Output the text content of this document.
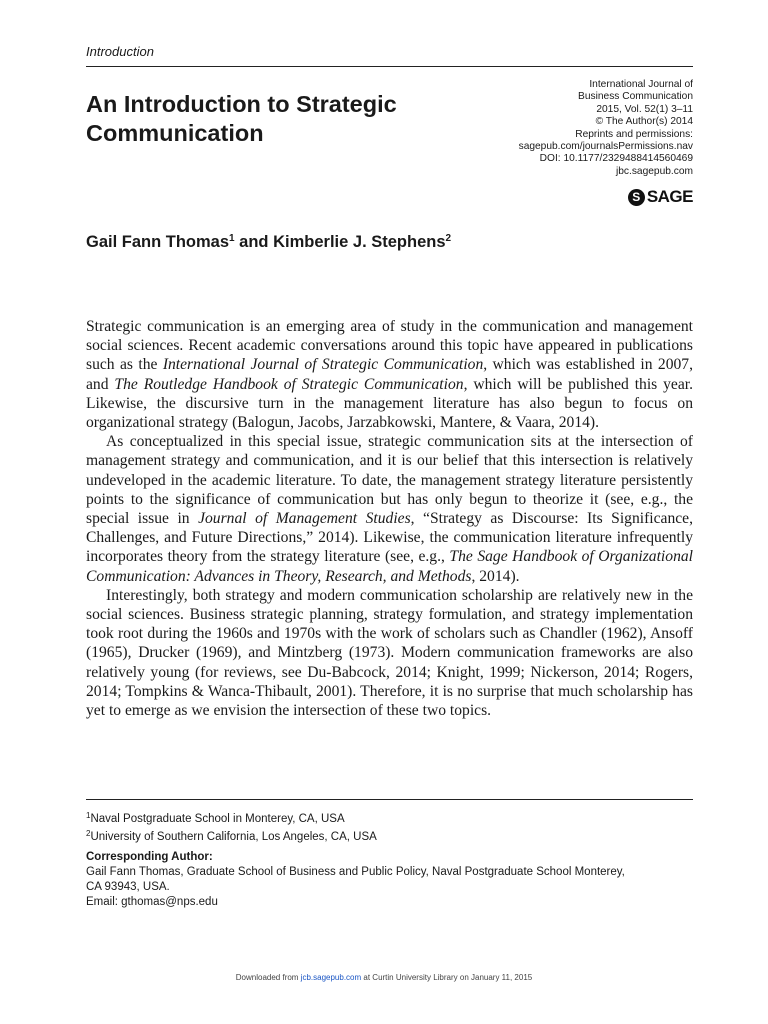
Introduction
International Journal of
Business Communication
2015, Vol. 52(1) 3–11
© The Author(s) 2014
Reprints and permissions:
sagepub.com/journalsPermissions.nav
DOI: 10.1177/2329488414560469
jbc.sagepub.com
S SAGE
An Introduction to Strategic
Communication

Gail Fann Thomas$^1$ and Kimberlie J. Stephens$^2$

Strategic communication is an emerging area of study in the communication and management social sciences. Recent academic conversations around this topic have appeared in publications such as the International Journal of Strategic Communication, which was established in 2007, and The Routledge Handbook of Strategic Communication, which will be published this year. Likewise, the discursive turn in the management literature has also begun to focus on organizational strategy (Balogun, Jacobs, Jarzabkowski, Mantere, & Vaara, 2014).

As conceptualized in this special issue, strategic communication sits at the intersection of management strategy and communication, and it is our belief that this intersection is relatively undeveloped in the academic literature. To date, the management strategy literature persistently points to the significance of communication but has only begun to theorize it (see, e.g., the special issue in Journal of Management Studies, “Strategy as Discourse: Its Significance, Challenges, and Future Directions,” 2014). Likewise, the communication literature infrequently incorporates theory from the strategy literature (see, e.g., The Sage Handbook of Organizational Communication: Advances in Theory, Research, and Methods, 2014).

Interestingly, both strategy and modern communication scholarship are relatively new in the social sciences. Business strategic planning, strategy formulation, and strategy implementation took root during the 1960s and 1970s with the work of scholars such as Chandler (1962), Ansoff (1965), Drucker (1969), and Mintzberg (1973). Modern communication frameworks are also relatively young (for reviews, see Du-Babcock, 2014; Knight, 1999; Nickerson, 2014; Rogers, 2014; Tompkins & Wanca-Thibault, 2001). Therefore, it is no surprise that much scholarship has yet to emerge as we envision the intersection of these two topics.

$^1$Naval Postgraduate School in Monterey, CA, USA
$^2$University of Southern California, Los Angeles, CA, USA
Corresponding Author:
Gail Fann Thomas, Graduate School of Business and Public Policy, Naval Postgraduate School Monterey,
CA 93943, USA.
Email: gthomas@nps.edu
Downloaded from jcb.sagepub.com at Curtin University Library on January 11, 2015
